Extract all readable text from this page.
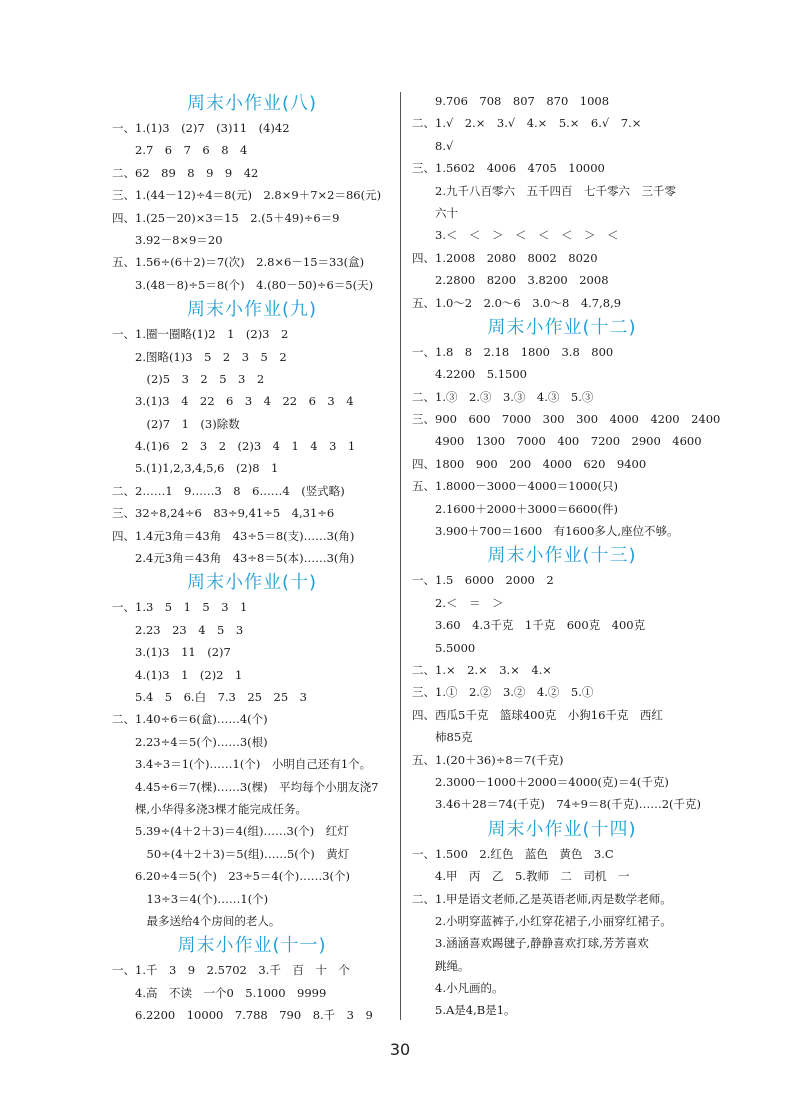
周末小作业(八)
一、1.(1)3　(2)7　(3)11　(4)42
　　2.7　6　7　6　8　4
二、62　89　8　9　9　42
三、1.(44－12)÷4＝8(元)　2.8×9＋7×2＝86(元)
四、1.(25－20)×3＝15　2.(5＋49)÷6＝9
　　3.92－8×9＝20
五、1.56÷(6＋2)＝7(次)　2.8×6－15＝33(盒)
　　3.(48－8)÷5＝8(个)　4.(80－50)÷6＝5(天)
周末小作业(九)
一、1.圈一圈略(1)2　1　(2)3　2
　　2.图略(1)3　5　2　3　5　2
　　　(2)5　3　2　5　3　2
　　3.(1)3　4　22　6　3　4　22　6　3　4
　　　(2)7　1　(3)除数
　　4.(1)6　2　3　2　(2)3　4　1　4　3　1
　　5.(1)1,2,3,4,5,6　(2)8　1
二、2……1　9……3　8　6……4　(竖式略)
三、32÷8,24÷6　83÷9,41÷5　4,31÷6
四、1.4元3角＝43角　43÷5＝8(支)……3(角)
　　2.4元3角＝43角　43÷8＝5(本)……3(角)
周末小作业(十)
一、1.3　5　1　5　3　1
　　2.23　23　4　5　3
　　3.(1)3　11　(2)7
　　4.(1)3　1　(2)2　1
　　5.4　5　6.白　7.3　25　25　3
二、1.40÷6＝6(盒)……4(个)
　　2.23÷4＝5(个)……3(根)
　　3.4÷3＝1(个)……1(个)　小明自己还有1个。
　　4.45÷6＝7(棵)……3(棵)　平均每个小朋友浇7
　　棵,小华得多浇3棵才能完成任务。
　　5.39÷(4＋2＋3)＝4(组)……3(个)　红灯
　　　50÷(4＋2＋3)＝5(组)……5(个)　黄灯
　　6.20÷4＝5(个)　23÷5＝4(个)……3(个)
　　　13÷3＝4(个)……1(个)
　　　最多送给4个房间的老人。
周末小作业(十一)
一、1.千　3　9　2.5702　3.千　百　十　个
　　4.高　不读　一个0　5.1000　9999
　　6.2200　10000　7.788　790　8.千　3　9
　　9.706　708　807　870　1008
二、1.√　2.×　3.√　4.×　5.×　6.√　7.×
　　8.√
三、1.5602　4006　4705　10000
　　2.九千八百零六　五千四百　七千零六　三千零
　　六十
　　3.＜　＜　＞　＜　＜　＜　＞　＜
四、1.2008　2080　8002　8020
　　2.2800　8200　3.8200　2008
五、1.0～2　2.0～6　3.0～8　4.7,8,9
周末小作业(十二)
一、1.8　8　2.18　1800　3.8　800
　　4.2200　5.1500
二、1.③　2.③　3.③　4.③　5.③
三、900　600　7000　300　300　4000　4200　2400
　　4900　1300　7000　400　7200　2900　4600
四、1800　900　200　4000　620　9400
五、1.8000－3000－4000＝1000(只)
　　2.1600＋2000＋3000＝6600(件)
　　3.900＋700＝1600　有1600多人,座位不够。
周末小作业(十三)
一、1.5　6000　2000　2
　　2.＜　＝　＞
　　3.60　4.3千克　1千克　600克　400克
　　5.5000
二、1.×　2.×　3.×　4.×
三、1.①　2.②　3.②　4.②　5.①
四、西瓜5千克　篮球400克　小狗16千克　西红
　　柿85克
五、1.(20＋36)÷8＝7(千克)
　　2.3000－1000＋2000＝4000(克)＝4(千克)
　　3.46＋28＝74(千克)　74÷9＝8(千克)……2(千克)
周末小作业(十四)
一、1.500　2.红色　蓝色　黄色　3.C
　　4.甲　丙　乙　5.教师　二　司机　一
二、1.甲是语文老师,乙是英语老师,丙是数学老师。
　　2.小明穿蓝裤子,小红穿花裙子,小丽穿红裙子。
　　3.涵涵喜欢踢毽子,静静喜欢打球,芳芳喜欢
　　跳绳。
　　4.小凡画的。
　　5.A是4,B是1。
30
